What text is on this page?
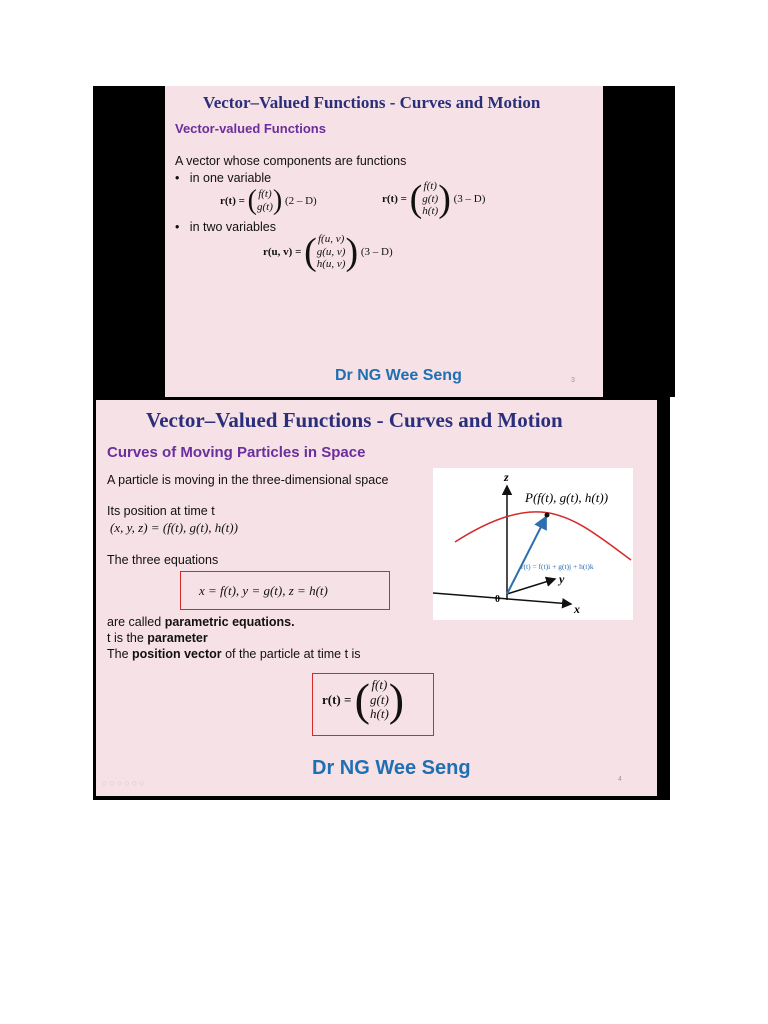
Vector–Valued Functions - Curves and Motion
Vector-valued Functions
A vector whose components are functions
•   in one variable
r(t) =
( f(t)
g(t) )
(2 – D)	r(t) =
( f(t)
g(t)
h(t) )
(3 – D)
•   in two variables
r(u, v) =
( f(u, v)
g(u, v)
h(u, v) )
(3 – D)
Dr NG Wee Seng	3
Vector–Valued Functions - Curves and Motion
Curves of Moving Particles in Space
A particle is moving in the three-dimensional space
Its position at time t
(x, y, z) = (f(t), g(t), h(t))
The three equations
x = f(t), y = g(t), z = h(t)
are called parametric equations.
t is the parameter
The position vector of the particle at time t is
r(t) =
( f(t)
g(t)
h(t) )
z
y
x
0
P(f(t), g(t), h(t))
r(t) = f(t)i + g(t)j + h(t)k
Dr NG Wee Seng
4
○○○○○○
